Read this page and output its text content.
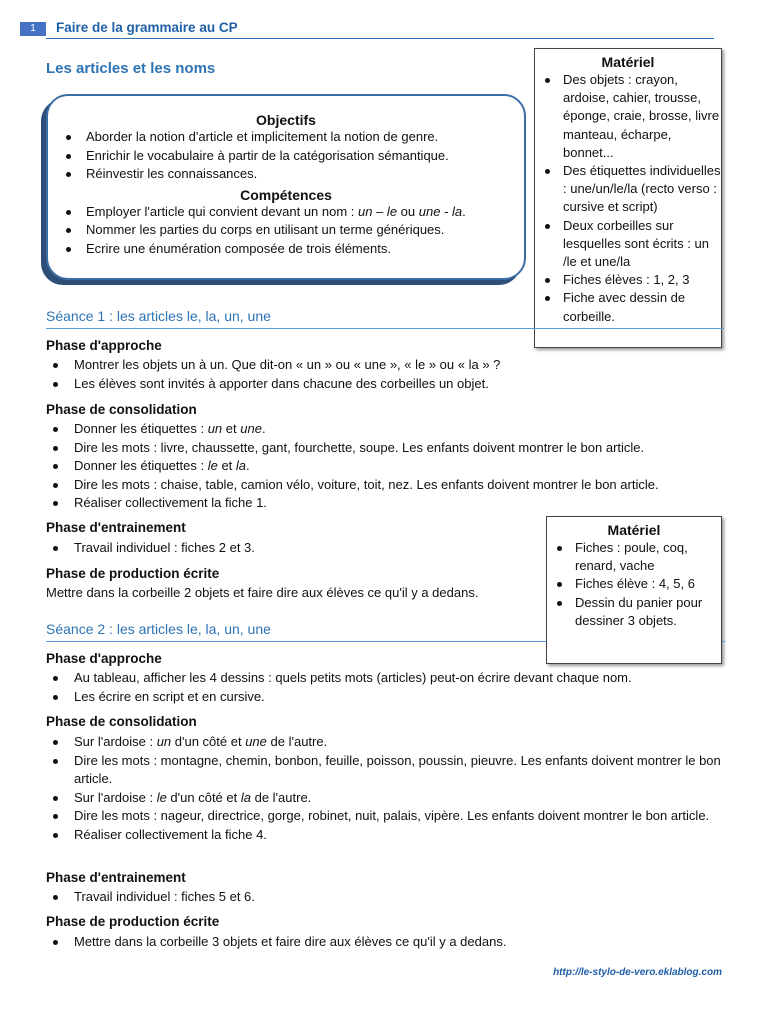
1	Faire de la grammaire au CP
Les articles et les noms

Objectifs

Aborder la notion d'article et implicitement la notion de genre.
Enrichir le vocabulaire à partir de la catégorisation sémantique.
Réinvestir les connaissances.

Compétences

Employer l'article qui convient devant un nom : un – le ou une - la.
Nommer les parties du corps en utilisant un terme génériques.
Ecrire une énumération composée de trois éléments.

Matériel

Des objets : crayon, ardoise, cahier, trousse, éponge, craie, brosse, livre manteau, écharpe, bonnet...
Des étiquettes individuelles : une/un/le/la (recto verso : cursive et script)
Deux corbeilles sur lesquelles sont écrits : un /le et une/la
Fiches élèves : 1, 2, 3
Fiche avec dessin de corbeille.
Séance 1 : les articles le, la, un, une
Phase d'approche
Montrer les objets un à un. Que dit-on « un » ou « une », « le » ou « la » ?
Les élèves sont invités à apporter dans chacune des corbeilles un objet.
Phase de consolidation
Donner les étiquettes : un et une.
Dire les mots : livre, chaussette, gant, fourchette, soupe. Les enfants doivent montrer le bon article.
Donner les étiquettes : le et la.
Dire les mots : chaise, table, camion vélo, voiture, toit, nez. Les enfants doivent montrer le bon article.
Réaliser collectivement la fiche 1.
Phase d'entrainement
Travail individuel : fiches 2 et 3.
Phase de production écrite
Mettre dans la corbeille 2 objets et faire dire aux élèves ce qu'il y a dedans.

Matériel

Fiches : poule, coq, renard, vache
Fiches élève : 4, 5, 6
Dessin du panier pour dessiner 3 objets.
Séance 2 : les articles le, la, un, une
Phase d'approche
Au tableau, afficher les 4 dessins : quels petits mots (articles) peut-on écrire devant chaque nom.
Les écrire en script et en cursive.
Phase de consolidation
Sur l'ardoise : un d'un côté et une de l'autre.
Dire les mots : montagne, chemin, bonbon, feuille, poisson, poussin, pieuvre. Les enfants doivent montrer le bon article.
Sur l'ardoise : le d'un côté et la de l'autre.
Dire les mots : nageur, directrice, gorge, robinet, nuit, palais, vipère. Les enfants doivent montrer le bon article.
Réaliser collectivement la fiche 4.
Phase d'entrainement
Travail individuel : fiches 5 et 6.
Phase de production écrite
Mettre dans la corbeille 3 objets et faire dire aux élèves ce qu'il y a dedans.
http://le-stylo-de-vero.eklablog.com
